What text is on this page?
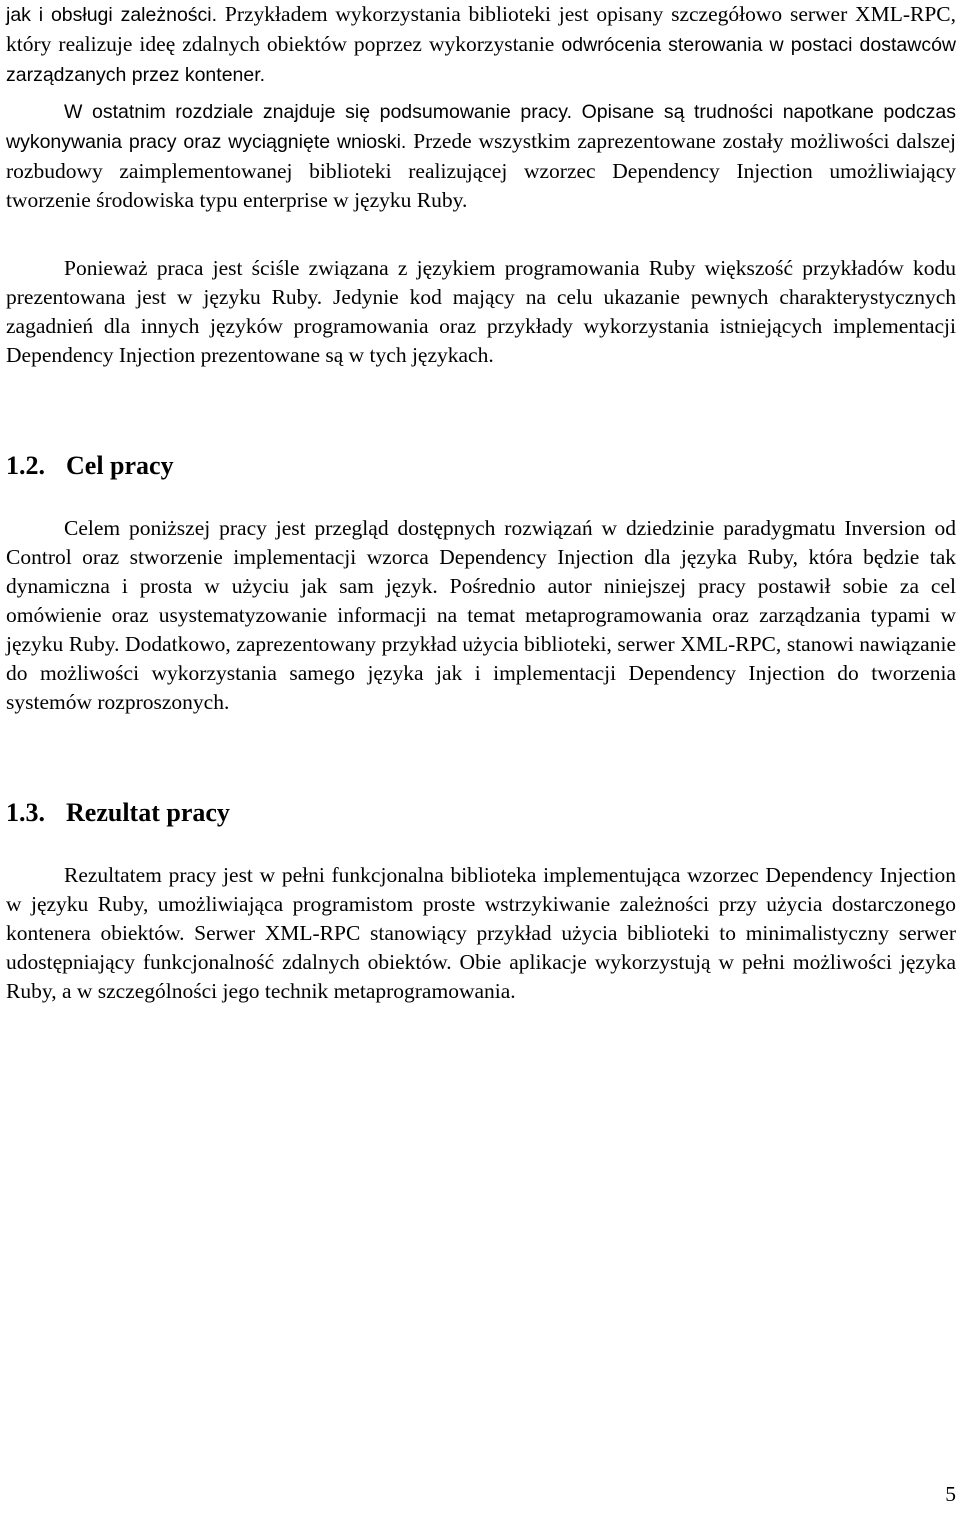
jak i obsługi zależności. Przykładem wykorzystania biblioteki jest opisany szczegółowo serwer XML-RPC, który realizuje ideę zdalnych obiektów poprzez wykorzystanie odwrócenia sterowania w postaci dostawców zarządzanych przez kontener.

W ostatnim rozdziale znajduje się podsumowanie pracy. Opisane są trudności napotkane podczas wykonywania pracy oraz wyciągnięte wnioski. Przede wszystkim zaprezentowane zostały możliwości dalszej rozbudowy zaimplementowanej biblioteki realizującej wzorzec Dependency Injection umożliwiający tworzenie środowiska typu enterprise w języku Ruby.

Ponieważ praca jest ściśle związana z językiem programowania Ruby większość przykładów kodu prezentowana jest w języku Ruby. Jedynie kod mający na celu ukazanie pewnych charakterystycznych zagadnień dla innych języków programowania oraz przykłady wykorzystania istniejących implementacji Dependency Injection prezentowane są w tych językach.

1.2. Cel pracy

Celem poniższej pracy jest przegląd dostępnych rozwiązań w dziedzinie paradygmatu Inversion od Control oraz stworzenie implementacji wzorca Dependency Injection dla języka Ruby, która będzie tak dynamiczna i prosta w użyciu jak sam język. Pośrednio autor niniejszej pracy postawił sobie za cel omówienie oraz usystematyzowanie informacji na temat metaprogramowania oraz zarządzania typami w języku Ruby. Dodatkowo, zaprezentowany przykład użycia biblioteki, serwer XML-RPC, stanowi nawiązanie do możliwości wykorzystania samego języka jak i implementacji Dependency Injection do tworzenia systemów rozproszonych.

1.3. Rezultat pracy

Rezultatem pracy jest w pełni funkcjonalna biblioteka implementująca wzorzec Dependency Injection w języku Ruby, umożliwiająca programistom proste wstrzykiwanie zależności przy użycia dostarczonego kontenera obiektów. Serwer XML-RPC stanowiący przykład użycia biblioteki to minimalistyczny serwer udostępniający funkcjonalność zdalnych obiektów. Obie aplikacje wykorzystują w pełni możliwości języka Ruby, a w szczególności jego technik metaprogramowania.

5
